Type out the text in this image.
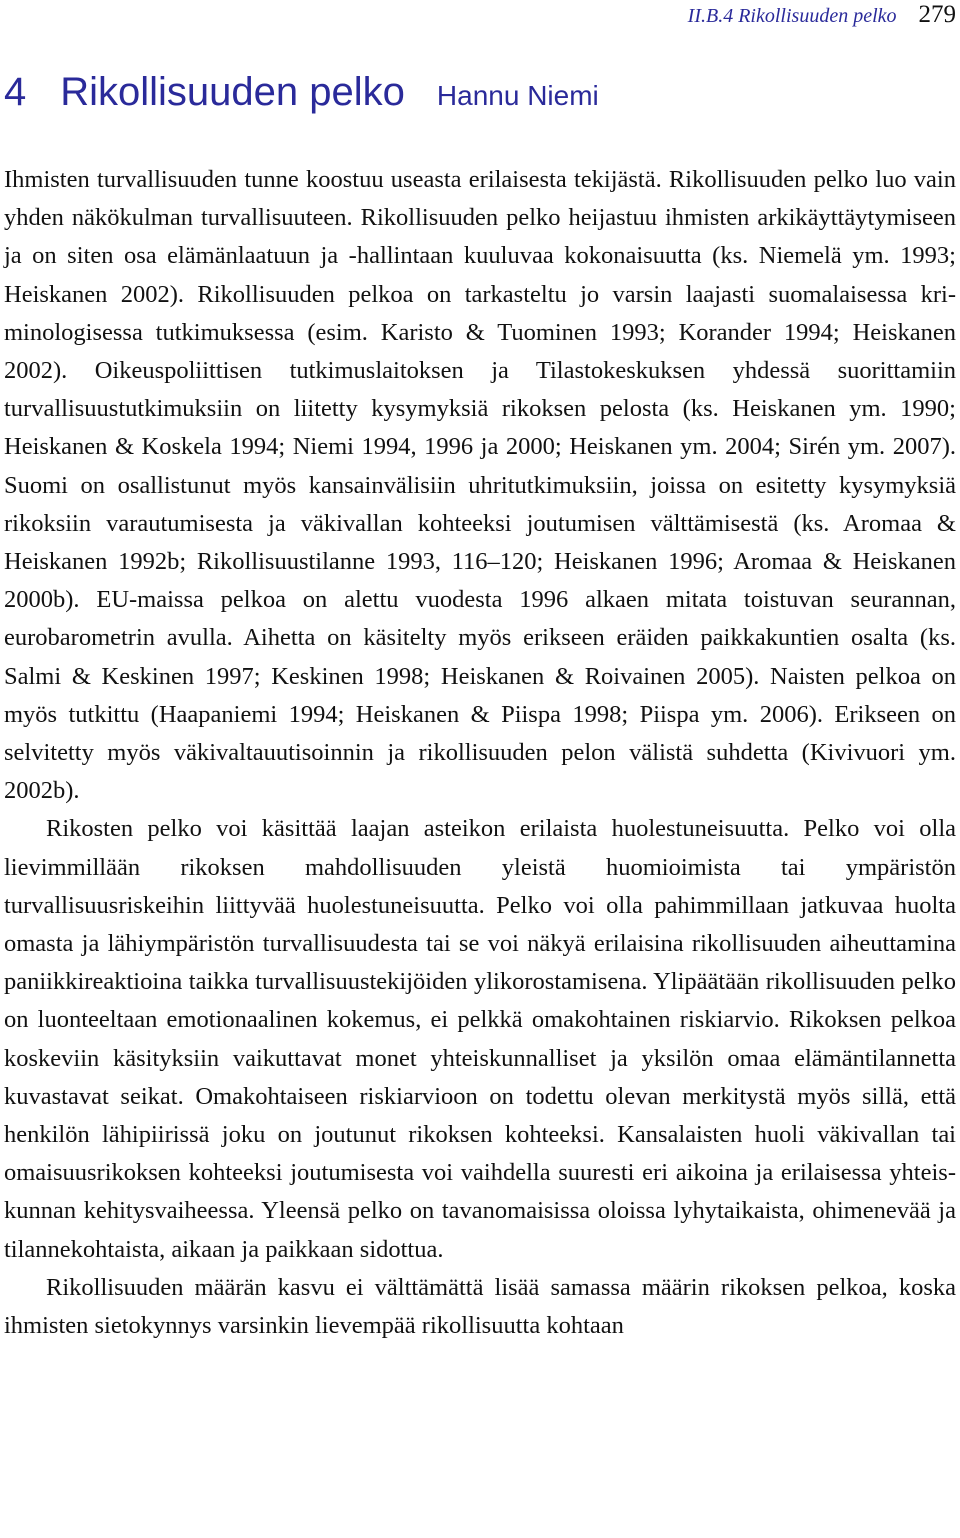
II.B.4 Rikollisuuden pelko 279
4 Rikollisuuden pelko Hannu Niemi

Ihmisten turvallisuuden tunne koostuu useasta erilaisesta tekijästä. Rikollisuuden pelko luo vain yhden näkökulman turvallisuuteen. Rikollisuuden pelko heijastuu ihmisten arkikäyttäytymiseen ja on siten osa elämänlaatuun ja -hallintaan kuuluvaa kokonaisuutta (ks. Niemelä ym. 1993; Heiskanen 2002). Rikollisuuden pelkoa on tarkasteltu jo varsin laajasti suomalaisessa kriminologisessa tutkimuksessa (esim. Karisto & Tuominen 1993; Korander 1994; Heiskanen 2002). Oikeuspoliittisen tutkimuslaitoksen ja Tilastokeskuksen yhdessä suorittamiin turvallisuustutkimuksiin on liitetty kysymyksiä rikoksen pelosta (ks. Heiskanen ym. 1990; Heiskanen & Koskela 1994; Niemi 1994, 1996 ja 2000; Heiskanen ym. 2004; Sirén ym. 2007). Suomi on osallistunut myös kansainvälisiin uhritutkimuksiin, joissa on esitetty kysymyksiä rikoksiin varautumisesta ja väkivallan kohteeksi joutumisen välttämisestä (ks. Aromaa & Heiskanen 1992b; Rikollisuustilanne 1993, 116–120; Heiskanen 1996; Aromaa & Heiskanen 2000b). EU-maissa pelkoa on alettu vuodesta 1996 alkaen mitata toistuvan seurannan, eurobarometrin avulla. Aihetta on käsitelty myös erikseen eräiden paikkakuntien osalta (ks. Salmi & Keskinen 1997; Keskinen 1998; Heiskanen & Roivainen 2005). Naisten pelkoa on myös tutkittu (Haapaniemi 1994; Heiskanen & Piispa 1998; Piispa ym. 2006). Erikseen on selvitetty myös väkivaltauutisoinnin ja rikollisuuden pelon välistä suhdetta (Kivivuori ym. 2002b).

Rikosten pelko voi käsittää laajan asteikon erilaista huolestuneisuutta. Pelko voi olla lievimmillään rikoksen mahdollisuuden yleistä huomioimista tai ympäristön turvallisuusriskeihin liittyvää huolestuneisuutta. Pelko voi olla pahimmillaan jatkuvaa huolta omasta ja lähiympäristön turvallisuudesta tai se voi näkyä erilaisina rikollisuuden aiheuttamina paniikkireaktioina taikka turvallisuustekijöiden ylikorostamisena. Ylipäätään rikollisuuden pelko on luonteeltaan emotionaalinen kokemus, ei pelkkä omakohtainen riskiarvio. Rikoksen pelkoa koskeviin käsityksiin vaikuttavat monet yhteiskunnalliset ja yksilön omaa elämäntilannetta kuvastavat seikat. Omakohtaiseen riskiarvioon on todettu olevan merkitystä myös sillä, että henkilön lähipiirissä joku on joutunut rikoksen kohteeksi. Kansalaisten huoli väkivallan tai omaisuusrikoksen kohteeksi joutumisesta voi vaihdella suuresti eri aikoina ja erilaisessa yhteiskunnan kehitysvaiheessa. Yleensä pelko on tavanomaisissa oloissa lyhytaikaista, ohimenevää ja tilannekohtaista, aikaan ja paikkaan sidottua.

Rikollisuuden määrän kasvu ei välttämättä lisää samassa määrin rikoksen pelkoa, koska ihmisten sietokynnys varsinkin lievempää rikollisuutta kohtaan
